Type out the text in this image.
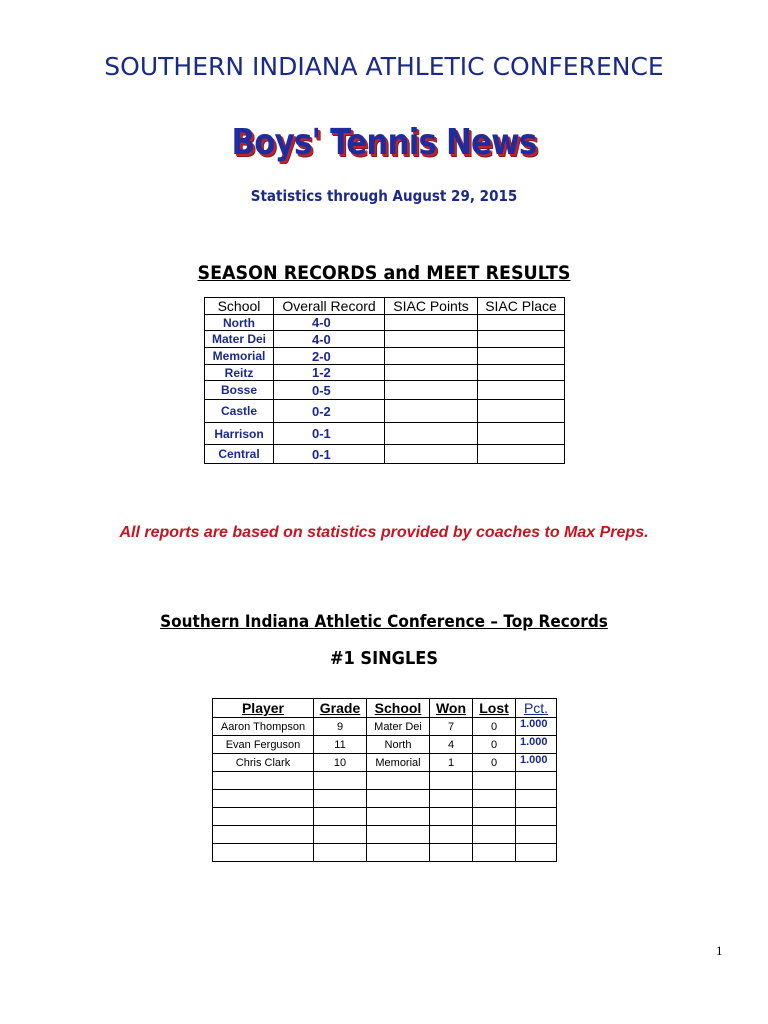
SOUTHERN INDIANA ATHLETIC CONFERENCE
Boys' Tennis News
Statistics through August 29, 2015
SEASON RECORDS and MEET RESULTS
School	Overall Record	SIAC Points	SIAC Place
North	4-0		
Mater Dei	4-0		
Memorial	2-0		
Reitz	1-2		
Bosse	0-5		
Castle	0-2		
Harrison	0-1		
Central	0-1		
All reports are based on statistics provided by coaches to Max Preps.
Southern Indiana Athletic Conference – Top Records
#1 SINGLES
Player	Grade	School	Won	Lost	Pct.
Aaron Thompson	9	Mater Dei	7	0	1.000
Evan Ferguson	11	North	4	0	1.000
Chris Clark	10	Memorial	1	0	1.000

1
